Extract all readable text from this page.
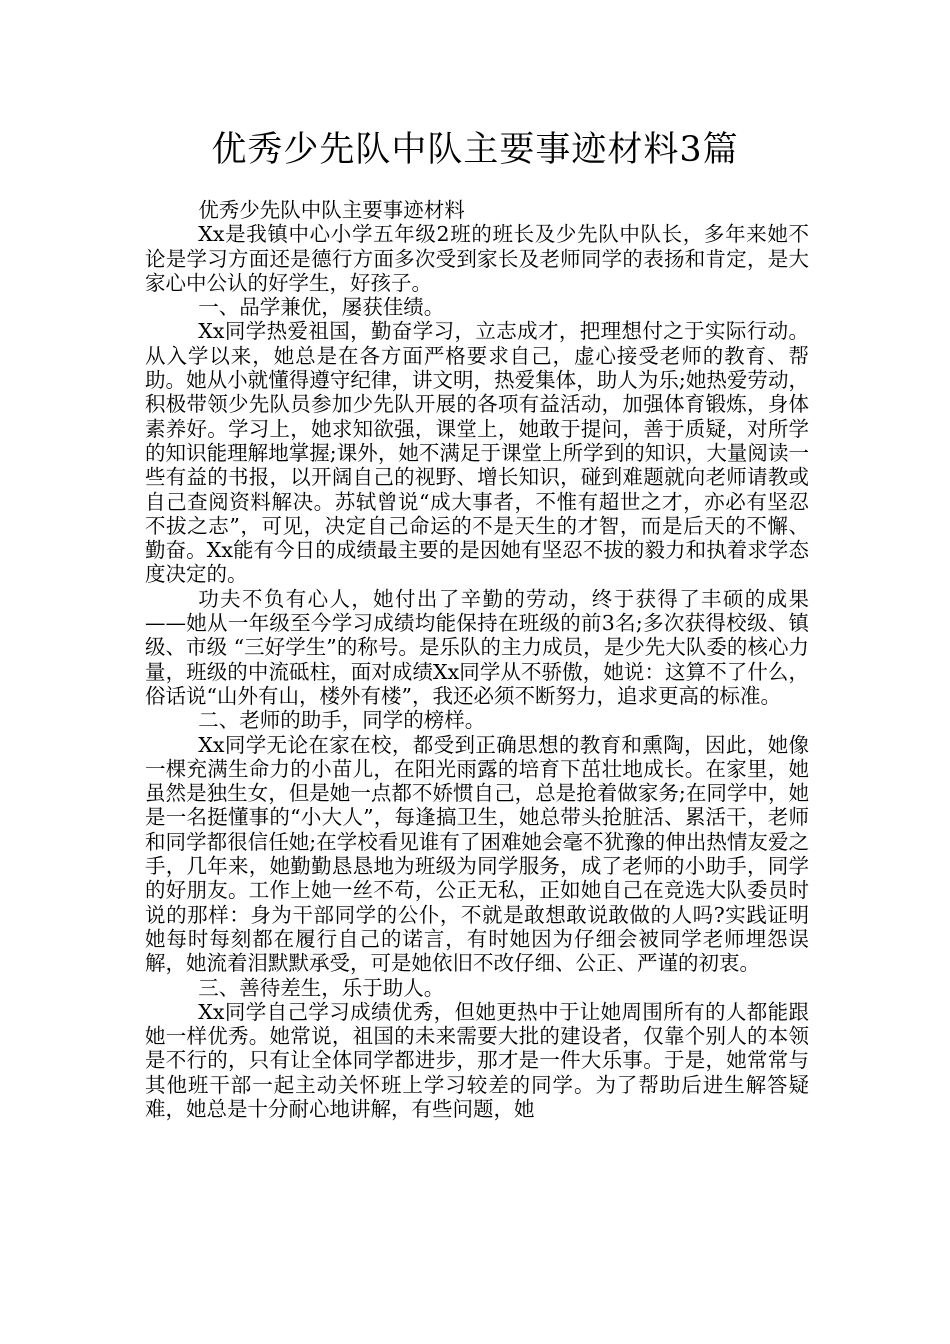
优秀少先队中队主要事迹材料3篇

优秀少先队中队主要事迹材料

Xx是我镇中心小学五年级2班的班长及少先队中队长，多年来她不论是学习方面还是德行方面多次受到家长及老师同学的表扬和肯定，是大家心中公认的好学生，好孩子。

一、品学兼优，屡获佳绩。

Xx同学热爱祖国，勤奋学习，立志成才，把理想付之于实际行动。从入学以来，她总是在各方面严格要求自己，虚心接受老师的教育、帮助。她从小就懂得遵守纪律，讲文明，热爱集体，助人为乐;她热爱劳动，积极带领少先队员参加少先队开展的各项有益活动，加强体育锻炼，身体素养好。学习上，她求知欲强，课堂上，她敢于提问，善于质疑，对所学的知识能理解地掌握;课外，她不满足于课堂上所学到的知识，大量阅读一些有益的书报，以开阔自己的视野、增长知识，碰到难题就向老师请教或自己查阅资料解决。苏轼曾说“成大事者，不惟有超世之才，亦必有坚忍不拔之志”，可见，决定自己命运的不是天生的才智，而是后天的不懈、勤奋。Xx能有今日的成绩最主要的是因她有坚忍不拔的毅力和执着求学态度决定的。

功夫不负有心人，她付出了辛勤的劳动，终于获得了丰硕的成果——她从一年级至今学习成绩均能保持在班级的前3名;多次获得校级、镇级、市级 “三好学生”的称号。是乐队的主力成员，是少先大队委的核心力量，班级的中流砥柱，面对成绩Xx同学从不骄傲，她说：这算不了什么，俗话说“山外有山，楼外有楼”，我还必须不断努力，追求更高的标准。

二、老师的助手，同学的榜样。

Xx同学无论在家在校，都受到正确思想的教育和熏陶，因此，她像一棵充满生命力的小苗儿，在阳光雨露的培育下茁壮地成长。在家里，她虽然是独生女，但是她一点都不娇惯自己，总是抢着做家务;在同学中，她是一名挺懂事的“小大人”，每逢搞卫生，她总带头抢脏活、累活干，老师和同学都很信任她;在学校看见谁有了困难她会毫不犹豫的伸出热情友爱之手，几年来，她勤勤恳恳地为班级为同学服务，成了老师的小助手，同学的好朋友。工作上她一丝不苟，公正无私，正如她自己在竞选大队委员时说的那样：身为干部同学的公仆，不就是敢想敢说敢做的人吗?实践证明她每时每刻都在履行自己的诺言，有时她因为仔细会被同学老师埋怨误解，她流着泪默默承受，可是她依旧不改仔细、公正、严谨的初衷。

三、善待差生，乐于助人。

Xx同学自己学习成绩优秀，但她更热中于让她周围所有的人都能跟她一样优秀。她常说，祖国的未来需要大批的建设者，仅靠个别人的本领是不行的，只有让全体同学都进步，那才是一件大乐事。于是，她常常与其他班干部一起主动关怀班上学习较差的同学。为了帮助后进生解答疑难，她总是十分耐心地讲解，有些问题，她
